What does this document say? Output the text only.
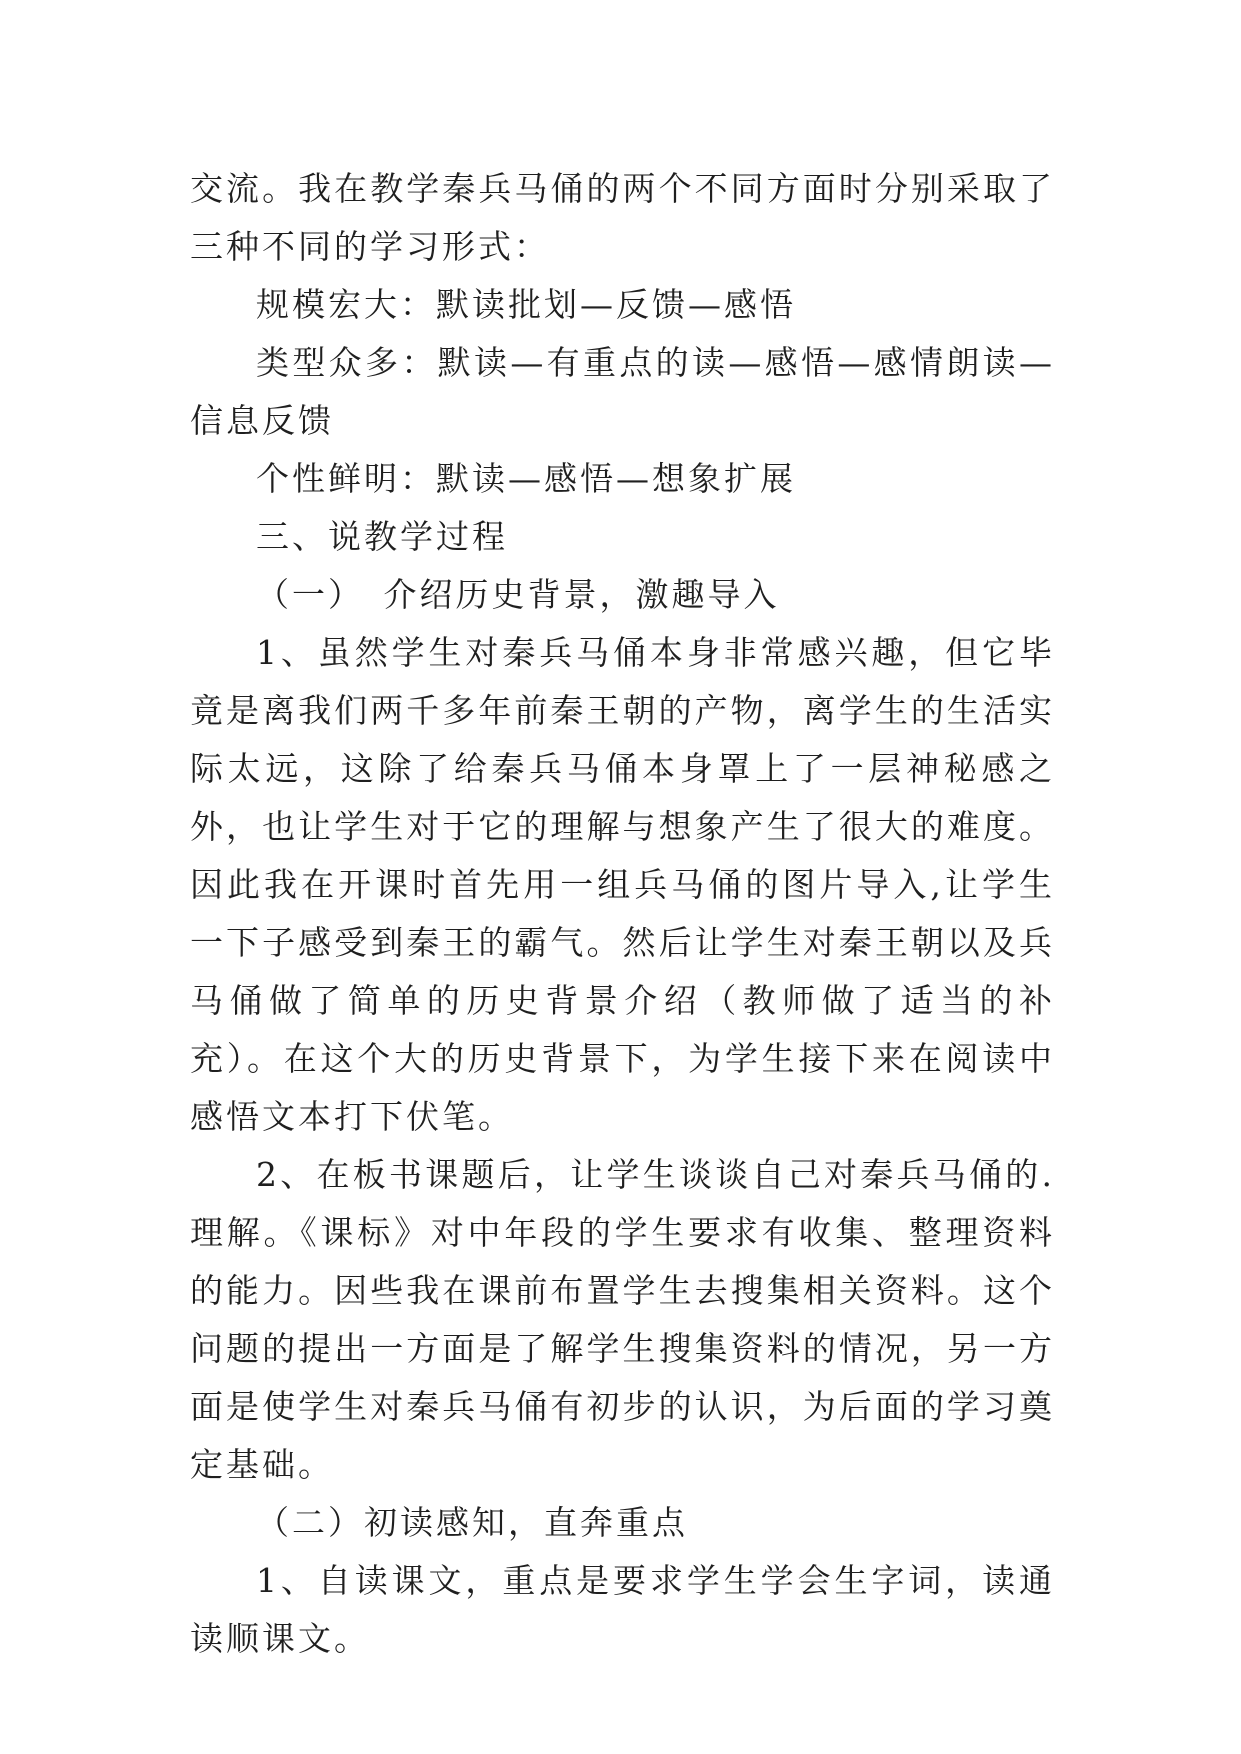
交流。我在教学秦兵马俑的两个不同方面时分别采取了三种不同的学习形式：

规模宏大：默读批划—反馈—感悟

类型众多：默读—有重点的读—感悟—感情朗读—信息反馈

个性鲜明：默读—感悟—想象扩展

三、说教学过程

（一）　介绍历史背景，激趣导入

1、虽然学生对秦兵马俑本身非常感兴趣，但它毕竟是离我们两千多年前秦王朝的产物，离学生的生活实际太远，这除了给秦兵马俑本身罩上了一层神秘感之外，也让学生对于它的理解与想象产生了很大的难度。因此我在开课时首先用一组兵马俑的图片导入,让学生一下子感受到秦王的霸气。然后让学生对秦王朝以及兵马俑做了简单的历史背景介绍（教师做了适当的补充）。在这个大的历史背景下，为学生接下来在阅读中感悟文本打下伏笔。

2、在板书课题后，让学生谈谈自己对秦兵马俑的.理解。《课标》对中年段的学生要求有收集、整理资料的能力。因些我在课前布置学生去搜集相关资料。这个问题的提出一方面是了解学生搜集资料的情况，另一方面是使学生对秦兵马俑有初步的认识，为后面的学习奠定基础。

（二）初读感知，直奔重点

1、自读课文，重点是要求学生学会生字词，读通读顺课文。
